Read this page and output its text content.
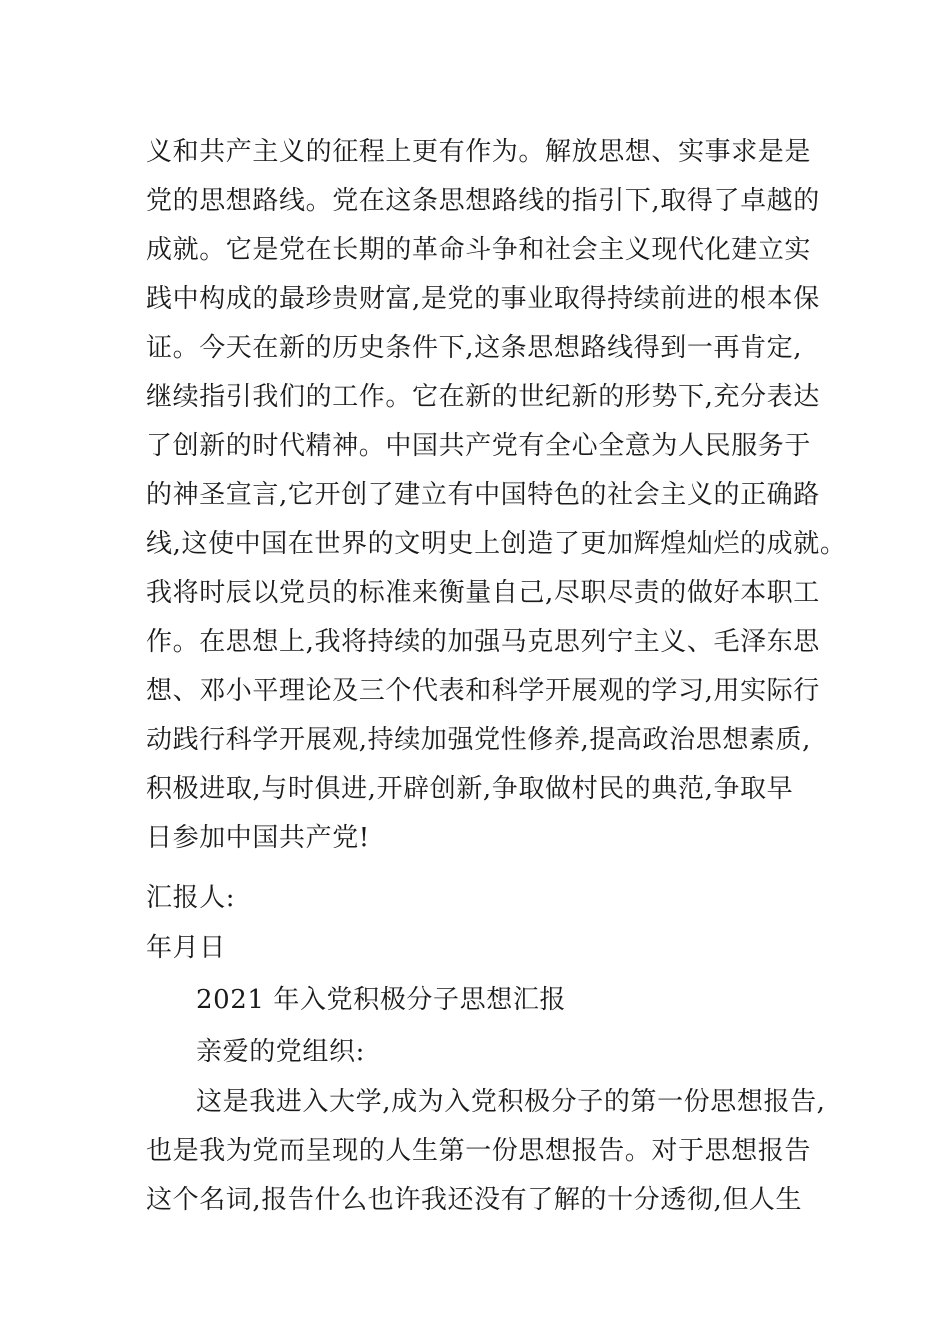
义和共产主义的征程上更有作为。解放思想、实事求是是
党的思想路线。党在这条思想路线的指引下,取得了卓越的
成就。它是党在长期的革命斗争和社会主义现代化建立实
践中构成的最珍贵财富,是党的事业取得持续前进的根本保
证。今天在新的历史条件下,这条思想路线得到一再肯定,
继续指引我们的工作。它在新的世纪新的形势下,充分表达
了创新的时代精神。中国共产党有全心全意为人民服务于
的神圣宣言,它开创了建立有中国特色的社会主义的正确路
线,这使中国在世界的文明史上创造了更加辉煌灿烂的成就。
我将时辰以党员的标准来衡量自己,尽职尽责的做好本职工
作。在思想上,我将持续的加强马克思列宁主义、毛泽东思
想、邓小平理论及三个代表和科学开展观的学习,用实际行
动践行科学开展观,持续加强党性修养,提高政治思想素质,
积极进取,与时俱进,开辟创新,争取做村民的典范,争取早
日参加中国共产党!
汇报人:
年月日
2021 年入党积极分子思想汇报
亲爱的党组织:
这是我进入大学,成为入党积极分子的第一份思想报告,
也是我为党而呈现的人生第一份思想报告。对于思想报告
这个名词,报告什么也许我还没有了解的十分透彻,但人生
